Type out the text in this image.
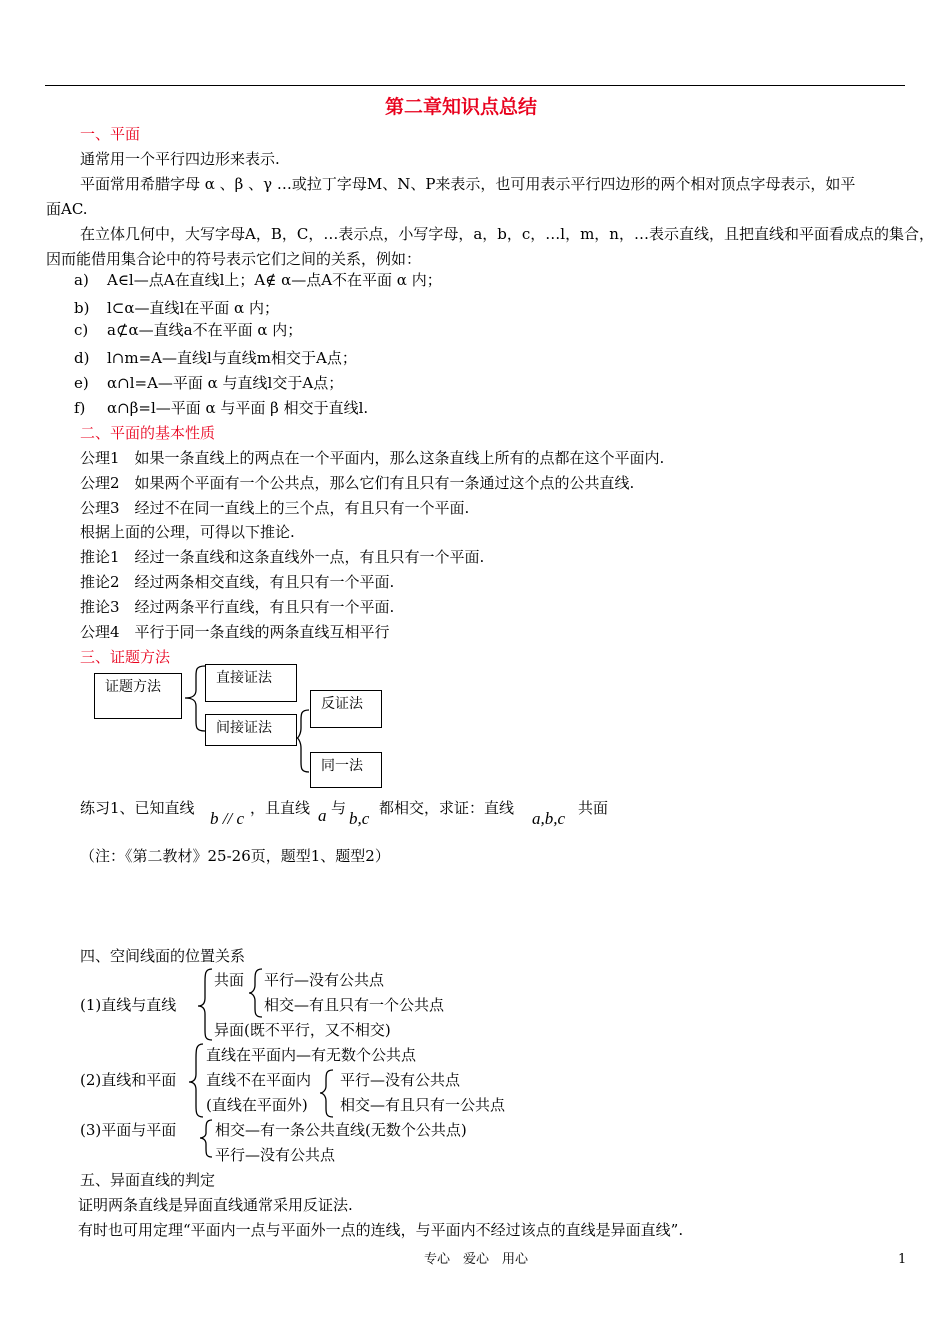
第二章知识点总结
一、平面
通常用一个平行四边形来表示.
平面常用希腊字母 α 、β 、γ …或拉丁字母M、N、P来表示，也可用表示平行四边形的两个相对顶点字母表示，如平
面AC.
在立体几何中，大写字母A，B，C，…表示点，小写字母，a，b，c，…l，m，n，…表示直线，且把直线和平面看成点的集合，
因而能借用集合论中的符号表示它们之间的关系，例如：
a) A∈l—点A在直线l上；A∉ α—点A不在平面 α 内；
b) l⊂α—直线l在平面 α 内；
c) a⊄α—直线a不在平面 α 内；
d) l∩m=A—直线l与直线m相交于A点；
e) α∩l=A—平面 α 与直线l交于A点；
f) α∩β=l—平面 α 与平面 β 相交于直线l.
二、平面的基本性质
公理1　如果一条直线上的两点在一个平面内，那么这条直线上所有的点都在这个平面内.
公理2　如果两个平面有一个公共点，那么它们有且只有一条通过这个点的公共直线.
公理3　经过不在同一直线上的三个点，有且只有一个平面.
根据上面的公理，可得以下推论.
推论1　经过一条直线和这条直线外一点，有且只有一个平面.
推论2　经过两条相交直线，有且只有一个平面.
推论3　经过两条平行直线，有且只有一个平面.
公理4　平行于同一条直线的两条直线互相平行
三、证题方法
证题方法
直接证法
间接证法
反证法
同一法
练习1、已知直线
b // c
，且直线 a 与
b,c
都相交，求证：直线
a,b,c
共面
（注：《第二教材》25-26页，题型1、题型2）
四、空间线面的位置关系
共面 平行—没有公共点
(1)直线与直线	相交—有且只有一个公共点
异面(既不平行，又不相交)
直线在平面内—有无数个公共点
(2)直线和平面 直线不在平面内 平行—没有公共点
(直线在平面外) 相交—有且只有一公共点
(3)平面与平面	相交—有一条公共直线(无数个公共点)
平行—没有公共点
五、异面直线的判定
证明两条直线是异面直线通常采用反证法.
有时也可用定理“平面内一点与平面外一点的连线，与平面内不经过该点的直线是异面直线”.
专心　爱心　用心	1
